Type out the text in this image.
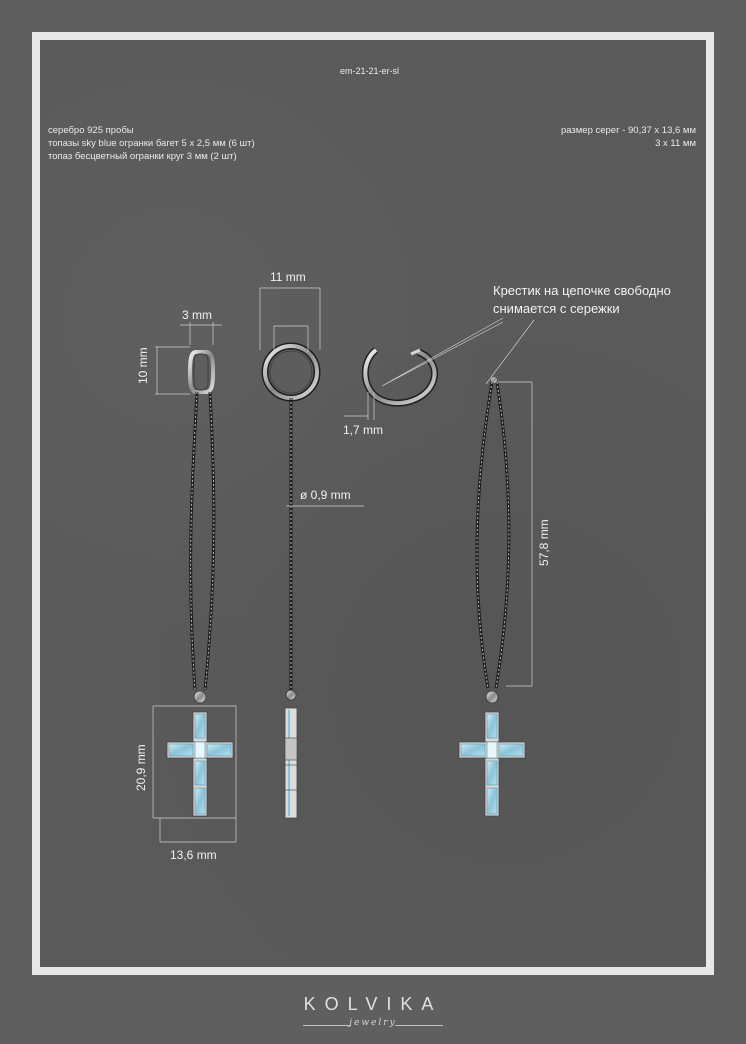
em-21-21-er-sl
серебро 925 пробы
топазы sky blue огранки багет 5 х 2,5 мм (6 шт)
топаз бесцветный огранки круг 3 мм (2 шт)
размер серег - 90,37 х 13,6 мм
3 х 11 мм
3 mm
10 mm
11 mm
1,7 mm
ø 0,9 mm
57,8 mm
20,9 mm
13,6 mm
Крестик на цепочке свободно
снимается с сережки
KOLVIKA
jewelry
